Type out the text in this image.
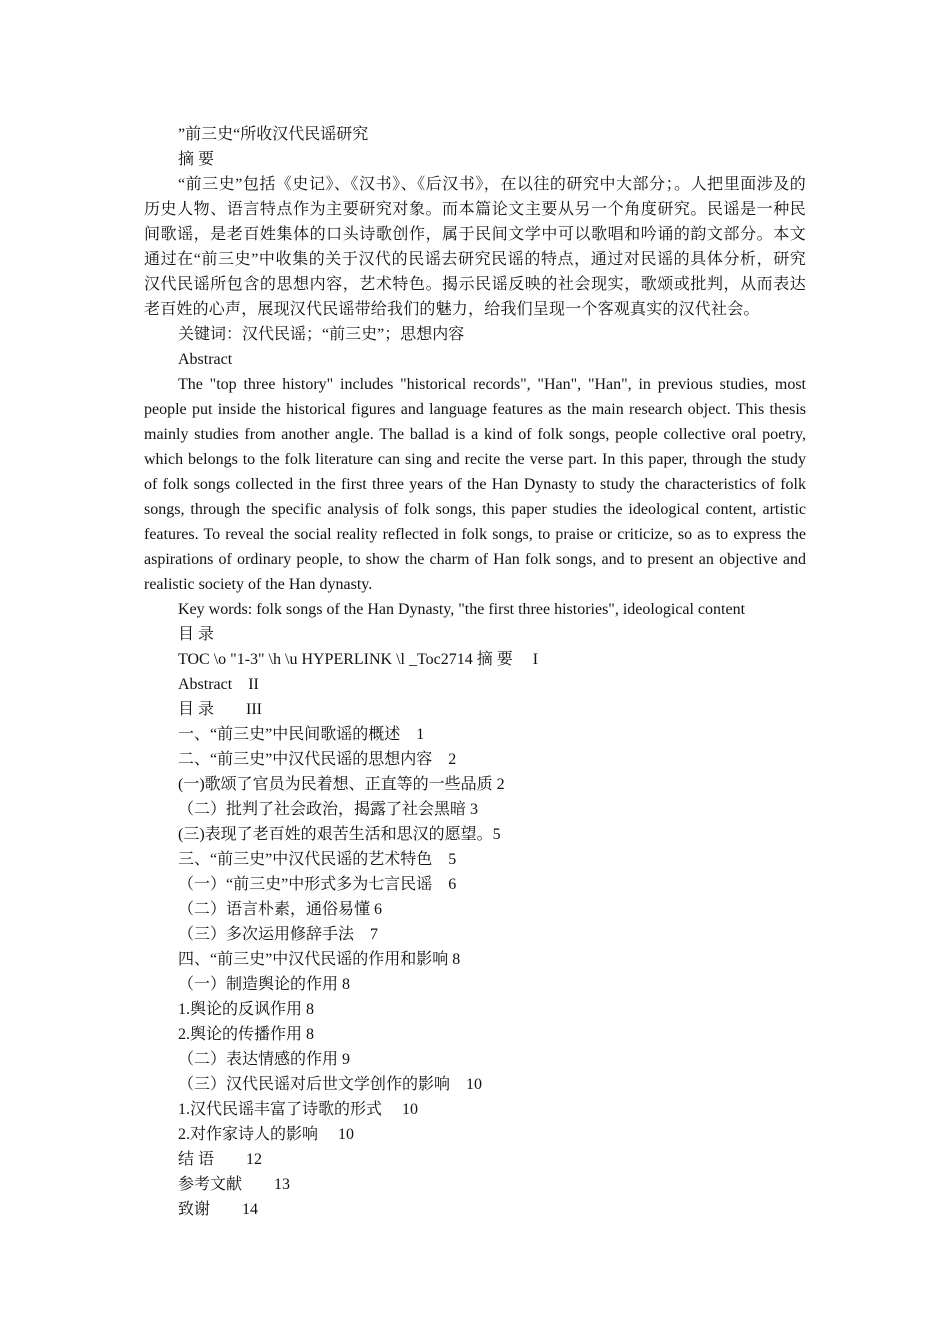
”前三史“所收汉代民谣研究
摘 要
“前三史”包括《史记》、《汉书》、《后汉书》，在以往的研究中大部分；。人把里面涉及的历史人物、语言特点作为主要研究对象。而本篇论文主要从另一个角度研究。民谣是一种民间歌谣，是老百姓集体的口头诗歌创作，属于民间文学中可以歌唱和吟诵的韵文部分。本文通过在“前三史”中收集的关于汉代的民谣去研究民谣的特点，通过对民谣的具体分析，研究汉代民谣所包含的思想内容，艺术特色。揭示民谣反映的社会现实，歌颂或批判，从而表达老百姓的心声，展现汉代民谣带给我们的魅力，给我们呈现一个客观真实的汉代社会。
关键词：汉代民谣；“前三史”；思想内容
Abstract
The "top three history" includes "historical records", "Han", "Han", in previous studies, most people put inside the historical figures and language features as the main research object. This thesis mainly studies from another angle. The ballad is a kind of folk songs, people collective oral poetry, which belongs to the folk literature can sing and recite the verse part. In this paper, through the study of folk songs collected in the first three years of the Han Dynasty to study the characteristics of folk songs, through the specific analysis of folk songs, this paper studies the ideological content, artistic features. To reveal the social reality reflected in folk songs, to praise or criticize, so as to express the aspirations of ordinary people, to show the charm of Han folk songs, and to present an objective and realistic society of the Han dynasty.
Key words: folk songs of the Han Dynasty, "the first three histories", ideological content
目 录
TOC \o "1-3" \h \u HYPERLINK \l _Toc2714 摘 要　 I
Abstract　II
目 录　　III
一、“前三史”中民间歌谣的概述　1
二、“前三史”中汉代民谣的思想内容　2
(一)歌颂了官员为民着想、正直等的一些品质 2
（二）批判了社会政治，揭露了社会黑暗 3
(三)表现了老百姓的艰苦生活和思汉的愿望。5
三、“前三史”中汉代民谣的艺术特色　5
（一）“前三史”中形式多为七言民谣　6
（二）语言朴素，通俗易懂 6
（三）多次运用修辞手法　7
四、“前三史”中汉代民谣的作用和影响 8
（一）制造舆论的作用 8
1.舆论的反讽作用 8
2.舆论的传播作用 8
（二）表达情感的作用 9
（三）汉代民谣对后世文学创作的影响　10
1.汉代民谣丰富了诗歌的形式　 10
2.对作家诗人的影响　 10
结 语　　12
参考文献　　13
致谢　　14
